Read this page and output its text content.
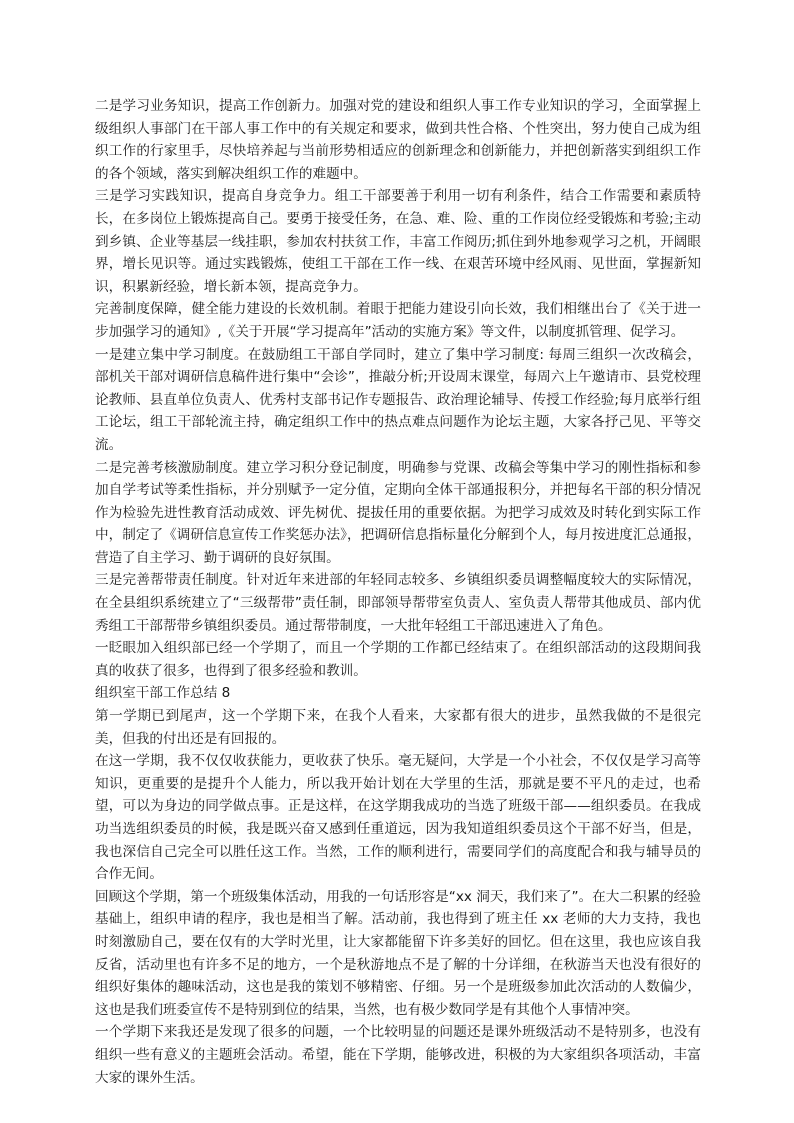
二是学习业务知识，提高工作创新力。加强对党的建设和组织人事工作专业知识的学习，全面掌握上级组织人事部门在干部人事工作中的有关规定和要求，做到共性合格、个性突出，努力使自己成为组织工作的行家里手，尽快培养起与当前形势相适应的创新理念和创新能力，并把创新落实到组织工作的各个领域，落实到解决组织工作的难题中。

三是学习实践知识，提高自身竞争力。组工干部要善于利用一切有利条件，结合工作需要和素质特长，在多岗位上锻炼提高自己。要勇于接受任务，在急、难、险、重的工作岗位经受锻炼和考验;主动到乡镇、企业等基层一线挂职，参加农村扶贫工作，丰富工作阅历;抓住到外地参观学习之机，开阔眼界，增长见识等。通过实践锻炼，使组工干部在工作一线、在艰苦环境中经风雨、见世面，掌握新知识，积累新经验，增长新本领，提高竞争力。

完善制度保障，健全能力建设的长效机制。着眼于把能力建设引向长效，我们相继出台了《关于进一步加强学习的通知》,《关于开展“学习提高年”活动的实施方案》等文件，以制度抓管理、促学习。

一是建立集中学习制度。在鼓励组工干部自学同时，建立了集中学习制度: 每周三组织一次改稿会，部机关干部对调研信息稿件进行集中“会诊”，推敲分析;开设周末课堂，每周六上午邀请市、县党校理论教师、县直单位负责人、优秀村支部书记作专题报告、政治理论辅导、传授工作经验;每月底举行组工论坛，组工干部轮流主持，确定组织工作中的热点难点问题作为论坛主题，大家各抒己见、平等交流。

二是完善考核激励制度。建立学习积分登记制度，明确参与党课、改稿会等集中学习的刚性指标和参加自学考试等柔性指标，并分别赋予一定分值，定期向全体干部通报积分，并把每名干部的积分情况作为检验先进性教育活动成效、评先树优、提拔任用的重要依据。为把学习成效及时转化到实际工作中，制定了《调研信息宣传工作奖惩办法》，把调研信息指标量化分解到个人，每月按进度汇总通报，营造了自主学习、勤于调研的良好氛围。

三是完善帮带责任制度。针对近年来进部的年轻同志较多、乡镇组织委员调整幅度较大的实际情况，在全县组织系统建立了“三级帮带”责任制，即部领导帮带室负责人、室负责人帮带其他成员、部内优秀组工干部帮带乡镇组织委员。通过帮带制度，一大批年轻组工干部迅速进入了角色。

一眨眼加入组织部已经一个学期了，而且一个学期的工作都已经结束了。在组织部活动的这段期间我真的收获了很多，也得到了很多经验和教训。

组织室干部工作总结 8

第一学期已到尾声，这一个学期下来，在我个人看来，大家都有很大的进步，虽然我做的不是很完美，但我的付出还是有回报的。

在这一学期，我不仅仅收获能力，更收获了快乐。毫无疑问，大学是一个小社会，不仅仅是学习高等知识，更重要的是提升个人能力，所以我开始计划在大学里的生活，那就是要不平凡的走过，也希望，可以为身边的同学做点事。正是这样，在这学期我成功的当选了班级干部——组织委员。在我成功当选组织委员的时候，我是既兴奋又感到任重道远，因为我知道组织委员这个干部不好当，但是，我也深信自己完全可以胜任这工作。当然，工作的顺利进行，需要同学们的高度配合和我与辅导员的合作无间。

回顾这个学期，第一个班级集体活动，用我的一句话形容是“xx 洞天，我们来了”。在大二积累的经验基础上，组织申请的程序，我也是相当了解。活动前，我也得到了班主任 xx 老师的大力支持，我也时刻激励自己，要在仅有的大学时光里，让大家都能留下许多美好的回忆。但在这里，我也应该自我反省，活动里也有许多不足的地方，一个是秋游地点不是了解的十分详细，在秋游当天也没有很好的组织好集体的趣味活动，这也是我的策划不够精密、仔细。另一个是班级参加此次活动的人数偏少，这也是我们班委宣传不是特别到位的结果，当然，也有极少数同学是有其他个人事情冲突。

一个学期下来我还是发现了很多的问题，一个比较明显的问题还是课外班级活动不是特别多，也没有组织一些有意义的主题班会活动。希望，能在下学期，能够改进，积极的为大家组织各项活动，丰富大家的课外生活。
